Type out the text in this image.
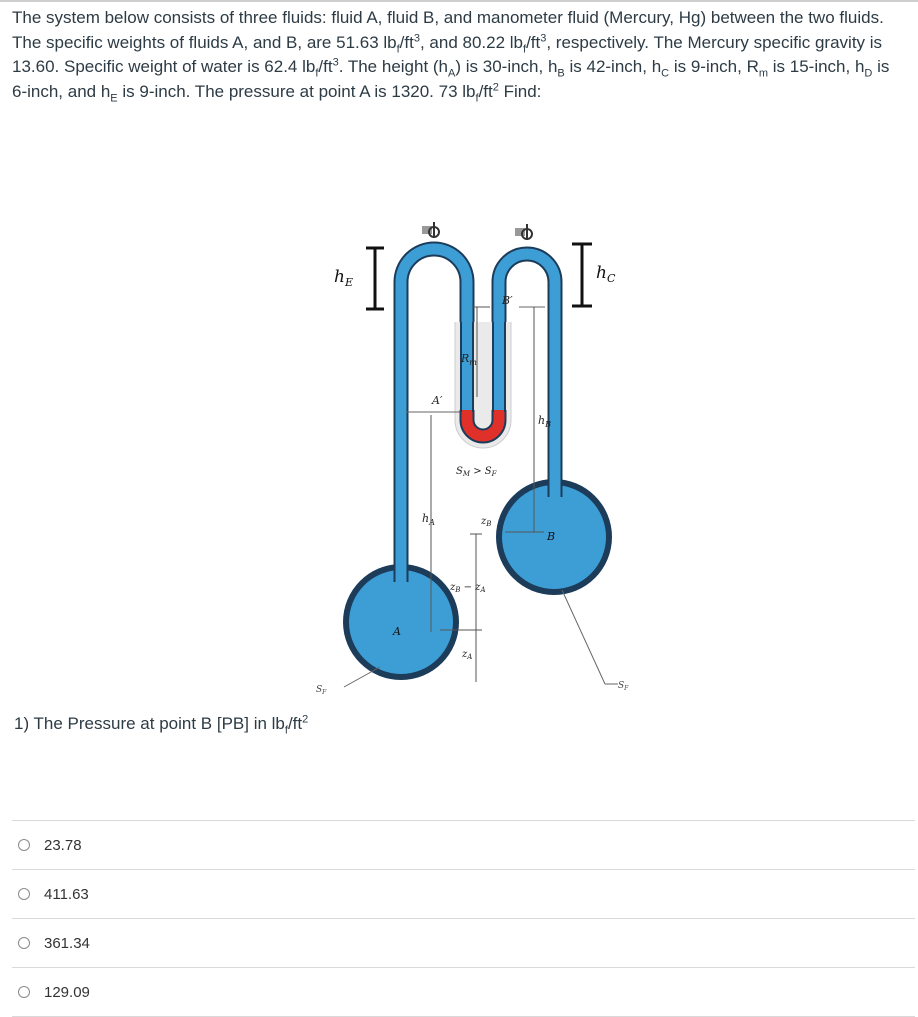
The system below consists of three fluids: fluid A, fluid B, and manometer fluid (Mercury, Hg) between the two fluids. The specific weights of fluids A, and B, are 51.63 $lb_f/ft^3$, and 80.22 $lb_f/ft^3$, respectively. The Mercury specific gravity is 13.60. Specific weight of water is 62.4 $lb_f/ft^3$. The height $(h_A)$ is 30-inch, $h_B$ is 42-inch, $h_C$ is 9-inch, $R_m$ is 15-inch, $h_D$ is 6-inch, and $h_E$ is 9-inch. The pressure at point A is 1320. 73 $lb_f/ft^2$ Find:
$h_E$	$h_C$
B′
$R_m$
A′
$h_B$
$S_M > S_F$
$h_A$	$z_B$
B
$z_B - z_A$
$z_A$
A
$S_F$
$S_F$
1) The Pressure at point B [PB] in $lb_f/ft^2$
23.78
411.63
361.34
129.09
